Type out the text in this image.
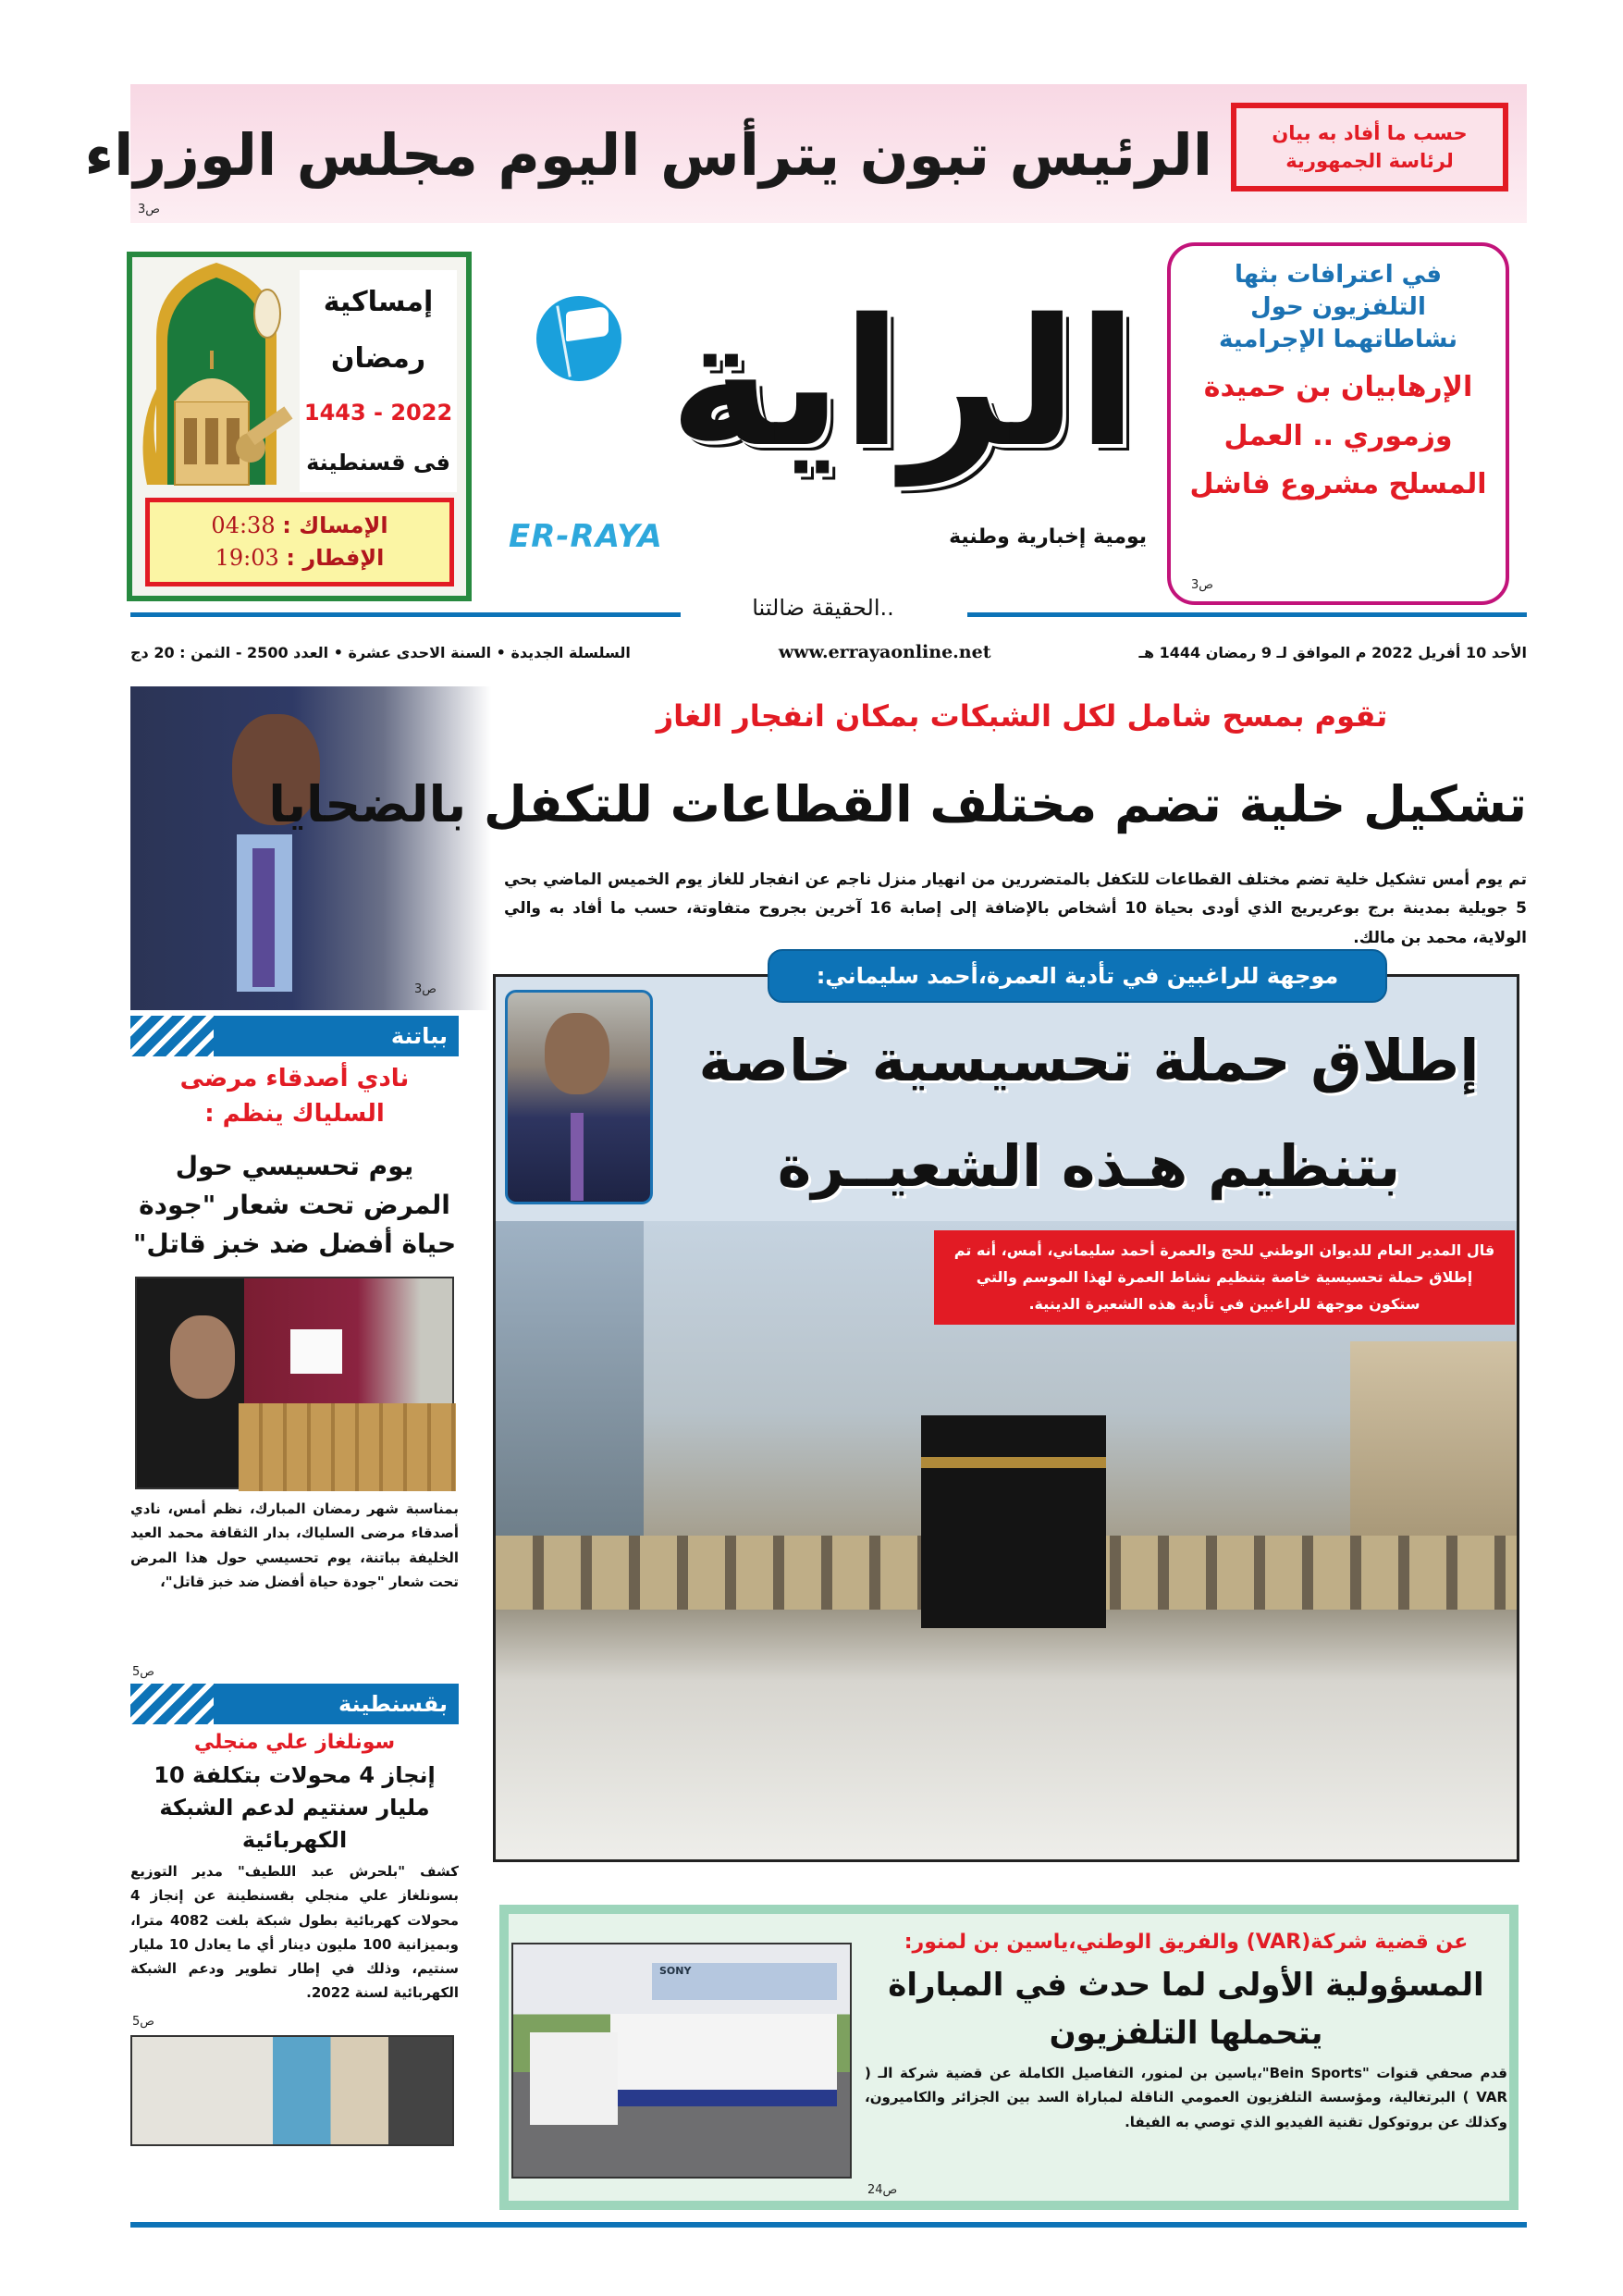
حسب ما أفاد به بيان
لرئاسة الجمهورية
الرئيس تبون يترأس اليوم مجلس الوزراء
ص3
إمساكية
رمضان
1443 - 2022
فى قسنطينة
الإمساك : 04:38
الإفطار : 19:03
الراية
ER-RAYA	يومية إخبارية وطنية
..الحقيقة ضالتنا
في اعترافات بثها
التلفزيون حول
نشاطاتهما الإجرامية
الإرهابيان بن حميدة
وزموري .. العمل
المسلح مشروع فاشل
ص3
الأحد 10 أفريل 2022 م الموافق لـ 9 رمضان 1444 هـ
www.errayaonline.net
السلسلة الجديدة • السنة الاحدى عشرة • العدد 2500 - الثمن : 20 دج
تقوم بمسح شامل لكل الشبكات بمكان انفجار الغاز
تشكيل خلية تضم مختلف القطاعات للتكفل بالضحايا
تم يوم أمس تشكيل خلية تضم مختلف القطاعات للتكفل بالمتضررين من انهيار منزل ناجم عن انفجار للغاز يوم الخميس الماضي بحي 5 جويلية بمدينة برج بوعريريج الذي أودى بحياة 10 أشخاص بالإضافة إلى إصابة 16 آخرين بجروح متفاوتة، حسب ما أفاد به والي الولاية، محمد بن مالك.
ص3
موجهة للراغبين في تأدية العمرة،أحمد سليماني:
إطلاق حملة تحسيسية خاصة
بتنظيم هـذه الشعيــرة
قال المدير العام للديوان الوطني للحج والعمرة أحمد سليماني، أمس، أنه تم إطلاق حملة تحسيسية خاصة بتنظيم نشاط العمرة لهذا الموسم والتي ستكون موجهة للراغبين في تأدية هذه الشعيرة الدينية.
بباتنة
نادي أصدقاء مرضى السلياك ينظم :
يوم تحسيسي حول المرض تحت شعار "جودة حياة أفضل ضد خبز قاتل"
بمناسبة شهر رمضان المبارك، نظم أمس، نادي أصدقاء مرضى السلياك، بدار الثقافة محمد العيد الخليفة بباتنة، يوم تحسيسي حول هذا المرض تحت شعار "جودة حياة أفضل ضد خبز قاتل"،
ص5
بقسنطينة
سونلغاز علي منجلي
إنجاز 4 محولات بتكلفة 10 مليار سنتيم لدعم الشبكة الكهربائية
كشف "بلحرش عبد اللطيف" مدير التوزيع بسونلغاز علي منجلي بقسنطينة عن إنجاز 4 محولات كهربائية بطول شبكة بلغت 4082 مترا، وبميزانية 100 مليون دينار أي ما يعادل 10 مليار سنتيم، وذلك في إطار تطوير ودعم الشبكة الكهربائية لسنة 2022.
ص5
SONY
عن قضية شركة(VAR) والفريق الوطني،ياسين بن لمنور:
المسؤولية الأولى لما حدث في المباراة
يتحملها التلفزيون
قدم صحفي قنوات "Bein Sports"،ياسين بن لمنور، التفاصيل الكاملة عن قضية شركة الـ ( VAR ) البرتغالية، ومؤسسة التلفزيون العمومي الناقلة لمباراة السد بين الجزائر والكاميرون، وكذلك عن بروتوكول تقنية الفيديو الذي توصي به الفيفا.
ص24
